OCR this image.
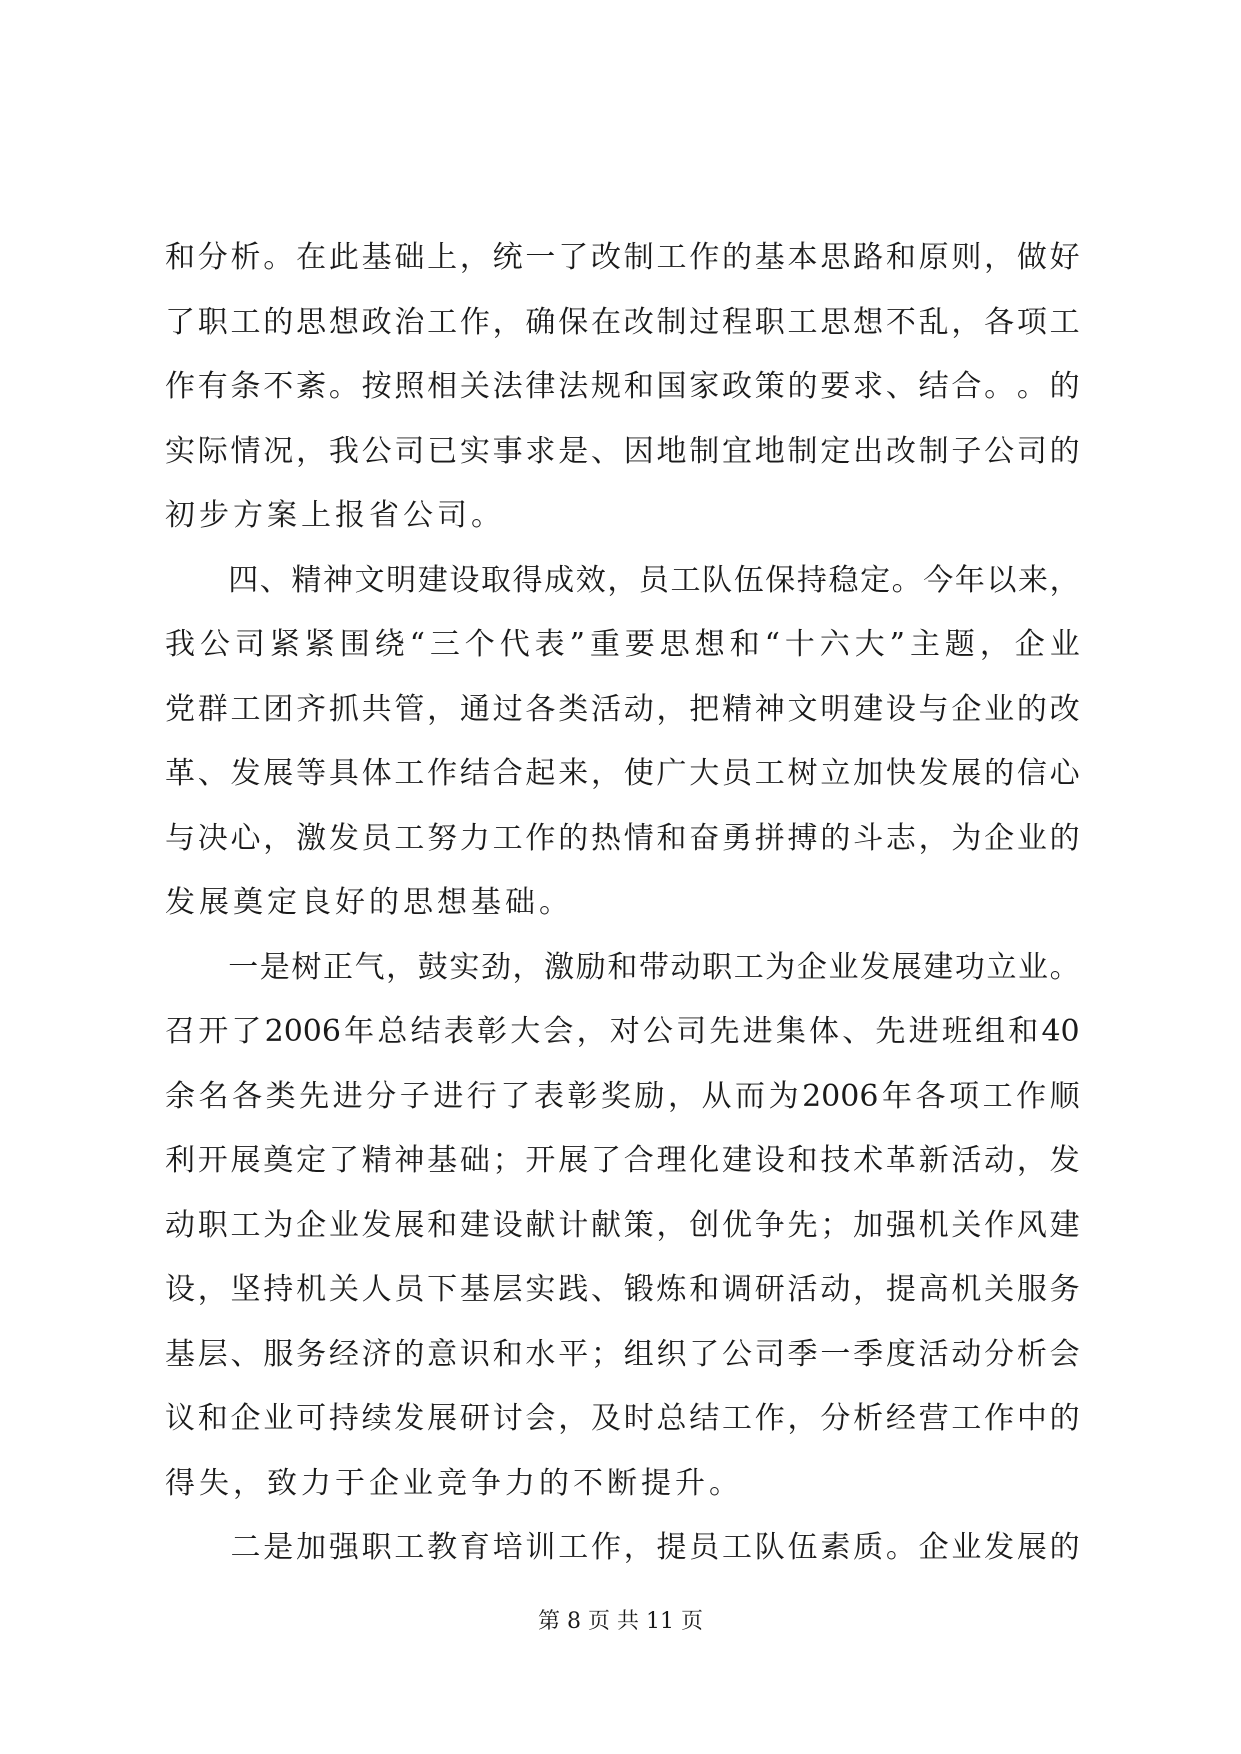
和 分 析 。 在 此 基 础 上 ， 统 一 了 改 制 工 作 的 基 本 思 路 和 原 则 ， 做 好
了 职 工 的 思 想 政 治 工 作 ， 确 保 在 改 制 过 程 职 工 思 想 不 乱 ， 各 项 工
作 有 条 不 紊 。 按 照 相 关 法 律 法 规 和 国 家 政 策 的 要 求 、 结 合 。 。 的
实 际 情 况 ， 我 公 司 已 实 事 求 是 、 因 地 制 宜 地 制 定 出 改 制 子 公 司 的
初步方案上报省公司。

四 、 精 神 文 明 建 设 取 得 成 效 ， 员 工 队 伍 保 持 稳 定 。 今 年 以 来 ，
我 公 司 紧 紧 围 绕 “ 三 个 代 表 ” 重 要 思 想 和 “ 十 六 大 ” 主 题 ， 企 业
党 群 工 团 齐 抓 共 管 ， 通 过 各 类 活 动 ， 把 精 神 文 明 建 设 与 企 业 的 改
革 、 发 展 等 具 体 工 作 结 合 起 来 ， 使 广 大 员 工 树 立 加 快 发 展 的 信 心
与 决 心 ， 激 发 员 工 努 力 工 作 的 热 情 和 奋 勇 拼 搏 的 斗 志 ， 为 企 业 的
发展奠定良好的思想基础。

一 是 树 正 气 ， 鼓 实 劲 ， 激 励 和 带 动 职 工 为 企 业 发 展 建 功 立 业 。
召 开 了 2006 年 总 结 表 彰 大 会 ， 对 公 司 先 进 集 体 、 先 进 班 组 和 40
余 名 各 类 先 进 分 子 进 行 了 表 彰 奖 励 ， 从 而 为 2006 年 各 项 工 作 顺
利 开 展 奠 定 了 精 神 基 础 ； 开 展 了 合 理 化 建 设 和 技 术 革 新 活 动 ， 发
动 职 工 为 企 业 发 展 和 建 设 献 计 献 策 ， 创 优 争 先 ； 加 强 机 关 作 风 建
设 ， 坚 持 机 关 人 员 下 基 层 实 践 、 锻 炼 和 调 研 活 动 ， 提 高 机 关 服 务
基 层 、 服 务 经 济 的 意 识 和 水 平 ； 组 织 了 公 司 季 一 季 度 活 动 分 析 会
议 和 企 业 可 持 续 发 展 研 讨 会 ， 及 时 总 结 工 作 ， 分 析 经 营 工 作 中 的
得失，致力于企业竞争力的不断提升。

二 是 加 强 职 工 教 育 培 训 工 作 ， 提 员 工 队 伍 素 质 。 企 业 发 展 的
第 8 页 共 11 页
